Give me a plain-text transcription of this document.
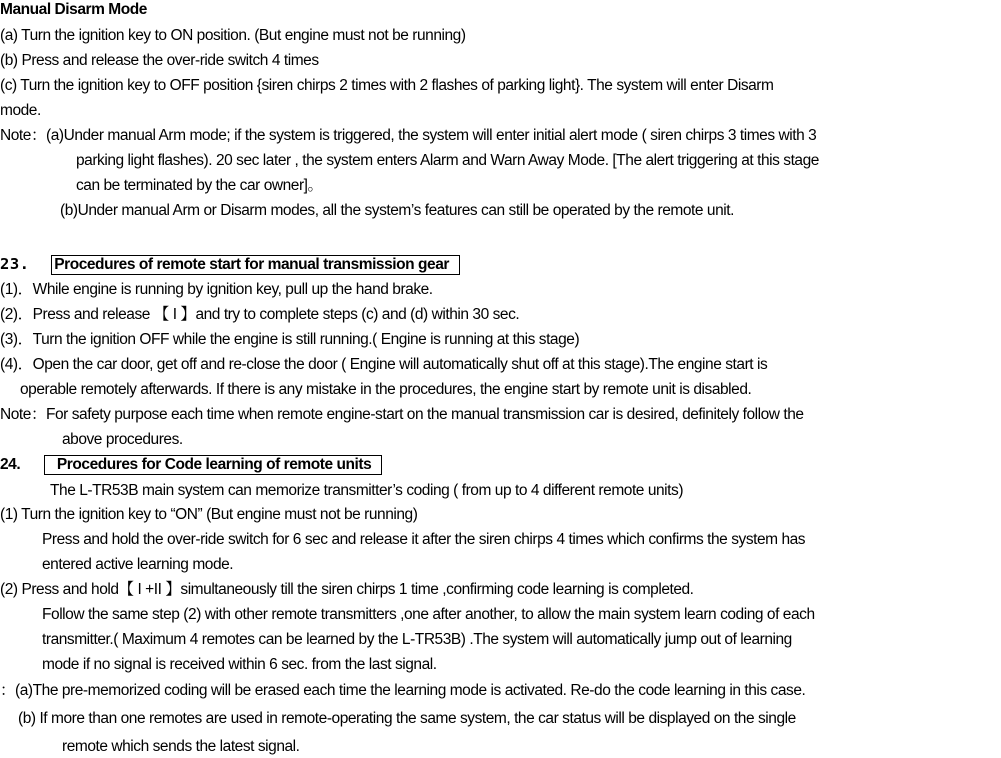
Manual Disarm Mode
(a) Turn the ignition key to ON position. (But engine must not be running)
(b) Press and release the over-ride switch 4 times
(c) Turn the ignition key to OFF position {siren chirps 2 times with 2 flashes of parking light}. The system will enter Disarm
mode.
Note：(a)Under manual Arm mode; if the system is triggered, the system will enter initial alert mode ( siren chirps 3 times with 3
parking light flashes). 20 sec later , the system enters Alarm and Warn Away Mode. [The alert triggering at this stage
can be terminated by the car owner]。
(b)Under manual Arm or Disarm modes, all the system’s features can still be operated by the remote unit.
23. Procedures of remote start for manual transmission gear
(1)．While engine is running by ignition key, pull up the hand brake.
(2)．Press and release 【 I 】and try to complete steps (c) and (d) within 30 sec.
(3)．Turn the ignition OFF while the engine is still running.( Engine is running at this stage)
(4)．Open the car door, get off and re-close the door ( Engine will automatically shut off at this stage).The engine start is
operable remotely afterwards. If there is any mistake in the procedures, the engine start by remote unit is disabled.
Note：For safety purpose each time when remote engine-start on the manual transmission car is desired, definitely follow the
above procedures.
24. Procedures for Code learning of remote units
The L-TR53B main system can memorize transmitter’s coding ( from up to 4 different remote units)
(1) Turn the ignition key to “ON” (But engine must not be running)
Press and hold the over-ride switch for 6 sec and release it after the siren chirps 4 times which confirms the system has
entered active learning mode.
(2) Press and hold【 I +II 】simultaneously till the siren chirps 1 time ,confirming code learning is completed.
Follow the same step (2) with other remote transmitters ,one after another, to allow the main system learn coding of each
transmitter.( Maximum 4 remotes can be learned by the L-TR53B) .The system will automatically jump out of learning
mode if no signal is received within 6 sec. from the last signal.
：(a)The pre-memorized coding will be erased each time the learning mode is activated. Re-do the code learning in this case.
(b) If more than one remotes are used in remote-operating the same system, the car status will be displayed on the single
remote which sends the latest signal.
